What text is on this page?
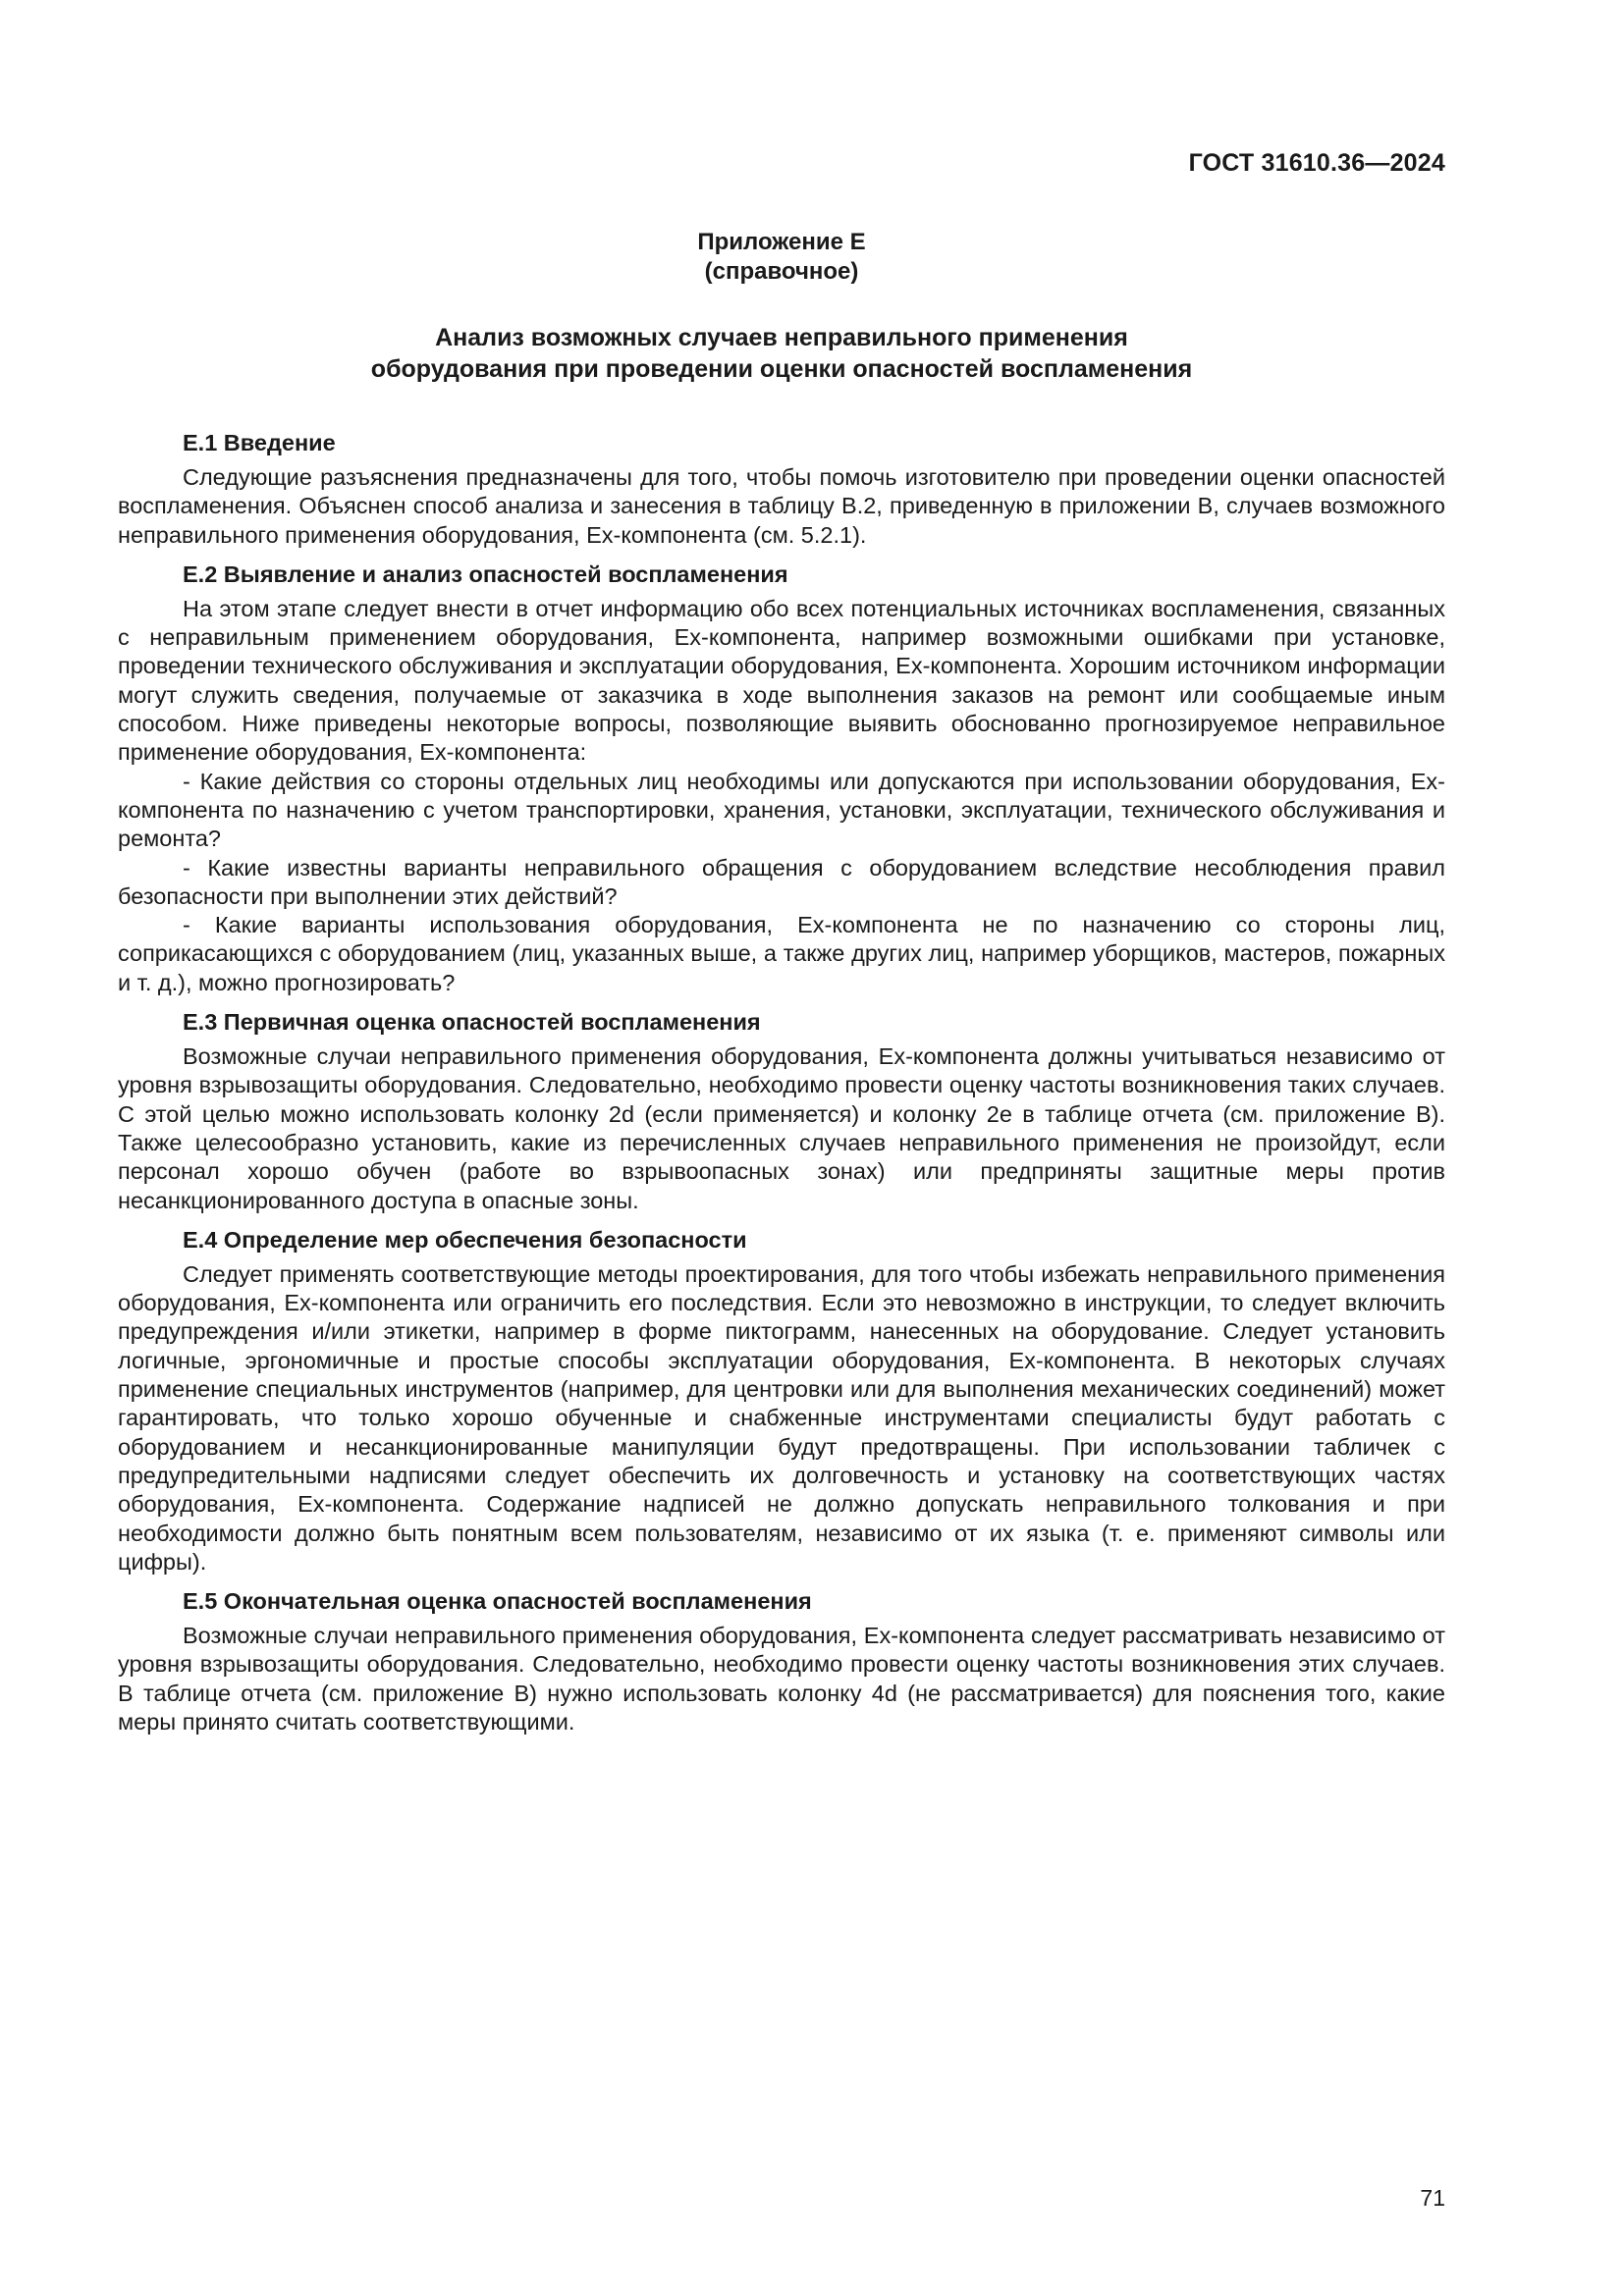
ГОСТ 31610.36—2024
Приложение Е
(справочное)
Анализ возможных случаев неправильного применения
оборудования при проведении оценки опасностей воспламенения
Е.1 Введение

Следующие разъяснения предназначены для того, чтобы помочь изготовителю при проведении оценки опасностей воспламенения. Объяснен способ анализа и занесения в таблицу В.2, приведенную в приложении В, случаев возможного неправильного применения оборудования, Ex-компонента (см. 5.2.1).

Е.2 Выявление и анализ опасностей воспламенения

На этом этапе следует внести в отчет информацию обо всех потенциальных источниках воспламенения, связанных с неправильным применением оборудования, Ex-компонента, например возможными ошибками при установке, проведении технического обслуживания и эксплуатации оборудования, Ex-компонента. Хорошим источником информации могут служить сведения, получаемые от заказчика в ходе выполнения заказов на ремонт или сообщаемые иным способом. Ниже приведены некоторые вопросы, позволяющие выявить обоснованно прогнозируемое неправильное применение оборудования, Ex-компонента:

- Какие действия со стороны отдельных лиц необходимы или допускаются при использовании оборудования, Ex-компонента по назначению с учетом транспортировки, хранения, установки, эксплуатации, технического обслуживания и ремонта?

- Какие известны варианты неправильного обращения с оборудованием вследствие несоблюдения правил безопасности при выполнении этих действий?

- Какие варианты использования оборудования, Ex-компонента не по назначению со стороны лиц, соприкасающихся с оборудованием (лиц, указанных выше, а также других лиц, например уборщиков, мастеров, пожарных и т. д.), можно прогнозировать?

Е.3 Первичная оценка опасностей воспламенения

Возможные случаи неправильного применения оборудования, Ex-компонента должны учитываться независимо от уровня взрывозащиты оборудования. Следовательно, необходимо провести оценку частоты возникновения таких случаев. С этой целью можно использовать колонку 2d (если применяется) и колонку 2e в таблице отчета (см. приложение В). Также целесообразно установить, какие из перечисленных случаев неправильного применения не произойдут, если персонал хорошо обучен (работе во взрывоопасных зонах) или предприняты защитные меры против несанкционированного доступа в опасные зоны.

Е.4 Определение мер обеспечения безопасности

Следует применять соответствующие методы проектирования, для того чтобы избежать неправильного применения оборудования, Ex-компонента или ограничить его последствия. Если это невозможно в инструкции, то следует включить предупреждения и/или этикетки, например в форме пиктограмм, нанесенных на оборудование. Следует установить логичные, эргономичные и простые способы эксплуатации оборудования, Ex-компонента. В некоторых случаях применение специальных инструментов (например, для центровки или для выполнения механических соединений) может гарантировать, что только хорошо обученные и снабженные инструментами специалисты будут работать с оборудованием и несанкционированные манипуляции будут предотвращены. При использовании табличек с предупредительными надписями следует обеспечить их долговечность и установку на соответствующих частях оборудования, Ex-компонента. Содержание надписей не должно допускать неправильного толкования и при необходимости должно быть понятным всем пользователям, независимо от их языка (т. е. применяют символы или цифры).

Е.5 Окончательная оценка опасностей воспламенения

Возможные случаи неправильного применения оборудования, Ex-компонента следует рассматривать независимо от уровня взрывозащиты оборудования. Следовательно, необходимо провести оценку частоты возникновения этих случаев. В таблице отчета (см. приложение В) нужно использовать колонку 4d (не рассматривается) для пояснения того, какие меры принято считать соответствующими.

71
